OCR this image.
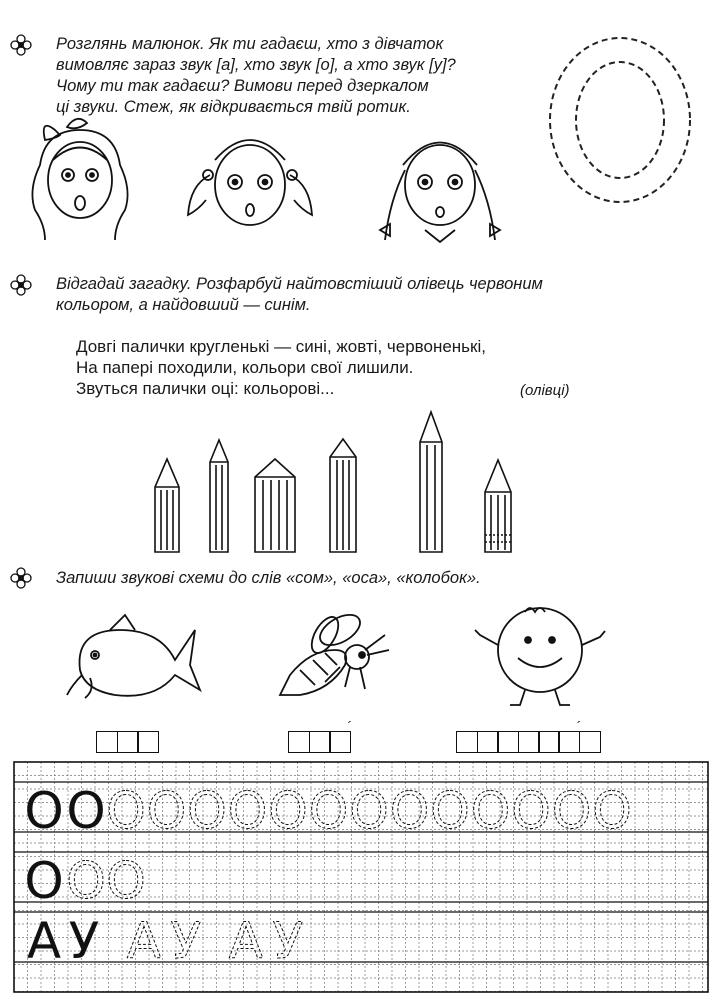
Розглянь малюнок. Як ти гадаєш, хто з дівчаток
вимовляє зараз звук [а], хто звук [о], а хто звук [у]?
Чому ти так гадаєш? Вимови перед дзеркалом
ці звуки. Стеж, як відкривається твій ротик.
Відгадай загадку. Розфарбуй найтовстіший олівець червоним
кольором, а найдовший — синім.
Довгі палички кругленькі — сині, жовті, червоненькі,
На папері походили, кольори свої лишили.
Звуться палички оці: кольорові...	(олівці)
Запиши звукові схеми до слів «сом», «оса», «колобок».
´	´
О О О О О О О О О О О О О О О
О О О
А У А У А У
